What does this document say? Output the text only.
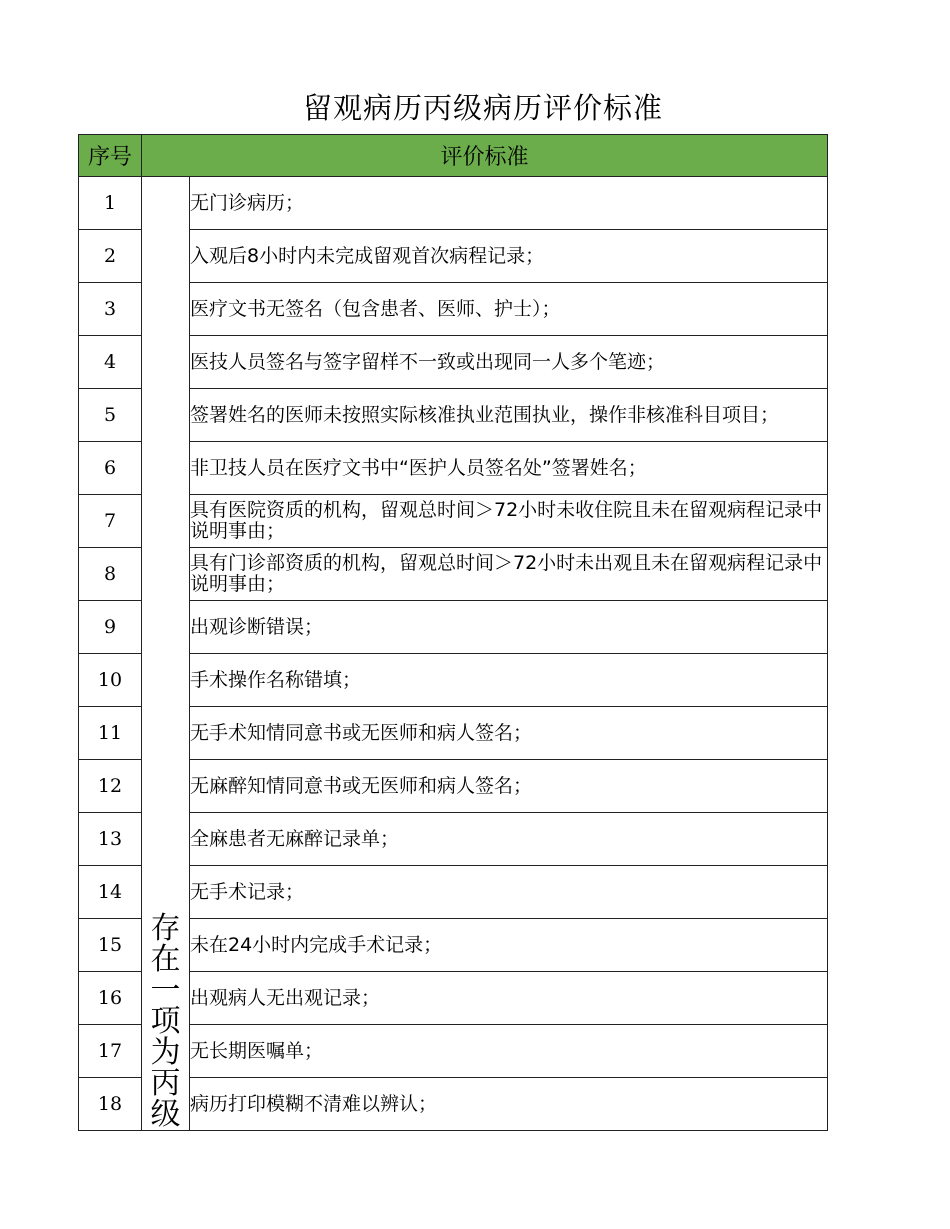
留观病历丙级病历评价标准
序号	评价标准	
1	存在一项为丙级	无门诊病历；
2		入观后8小时内未完成留观首次病程记录；
3		医疗文书无签名（包含患者、医师、护士）；
4		医技人员签名与签字留样不一致或出现同一人多个笔迹；
5		签署姓名的医师未按照实际核准执业范围执业，操作非核准科目项目；
6		非卫技人员在医疗文书中“医护人员签名处”签署姓名；
7		具有医院资质的机构，留观总时间＞72小时未收住院且未在留观病程记录中说明事由；
8		具有门诊部资质的机构，留观总时间＞72小时未出观且未在留观病程记录中说明事由；
9		出观诊断错误；
10		手术操作名称错填；
11		无手术知情同意书或无医师和病人签名；
12		无麻醉知情同意书或无医师和病人签名；
13		全麻患者无麻醉记录单；
14		无手术记录；
15		未在24小时内完成手术记录；
16		出观病人无出观记录；
17		无长期医嘱单；
18		病历打印模糊不清难以辨认；
